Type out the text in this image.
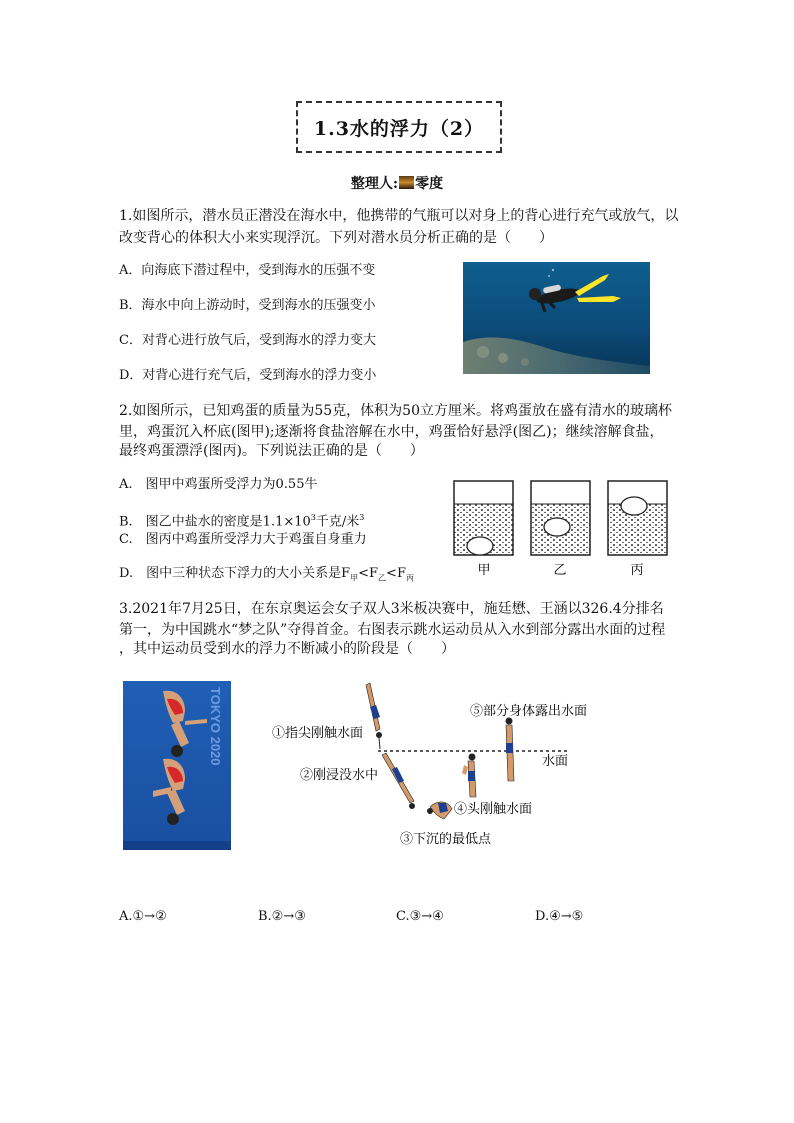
1.3水的浮力（2）
整理人: 零度
1.如图所示，潜水员正潜没在海水中，他携带的气瓶可以对身上的背心进行充气或放气，以
改变背心的体积大小来实现浮沉。下列对潜水员分析正确的是（　　）
A．向海底下潜过程中，受到海水的压强不变
B．海水中向上游动时，受到海水的压强变小
C．对背心进行放气后，受到海水的浮力变大
D．对背心进行充气后，受到海水的浮力变小
2.如图所示，已知鸡蛋的质量为55克，体积为50立方厘米。将鸡蛋放在盛有清水的玻璃杯
里，鸡蛋沉入杯底(图甲);逐渐将食盐溶解在水中，鸡蛋恰好悬浮(图乙)；继续溶解食盐，
最终鸡蛋漂浮(图丙)。下列说法正确的是（　　）
A.　图甲中鸡蛋所受浮力为0.55牛
B.　图乙中盐水的密度是$1.1\times 10^3$千克/米$^3$
C.　图丙中鸡蛋所受浮力大于鸡蛋自身重力
D.　图中三种状态下浮力的大小关系是$F_甲<F_乙<F_丙$
甲	乙	丙
3.2021年7月25日，在东京奥运会女子双人3米板决赛中，施廷懋、王涵以326.4分排名
第一，为中国跳水“梦之队”夺得首金。右图表示跳水运动员从入水到部分露出水面的过程
，其中运动员受到水的浮力不断减小的阶段是（　　）
TOKYO 2020	①指尖刚触水面
②刚浸没水中
③下沉的最低点
④头刚触水面
⑤部分身体露出水面
水面
A.①→②	B.②→③	C.③→④	D.④→⑤
